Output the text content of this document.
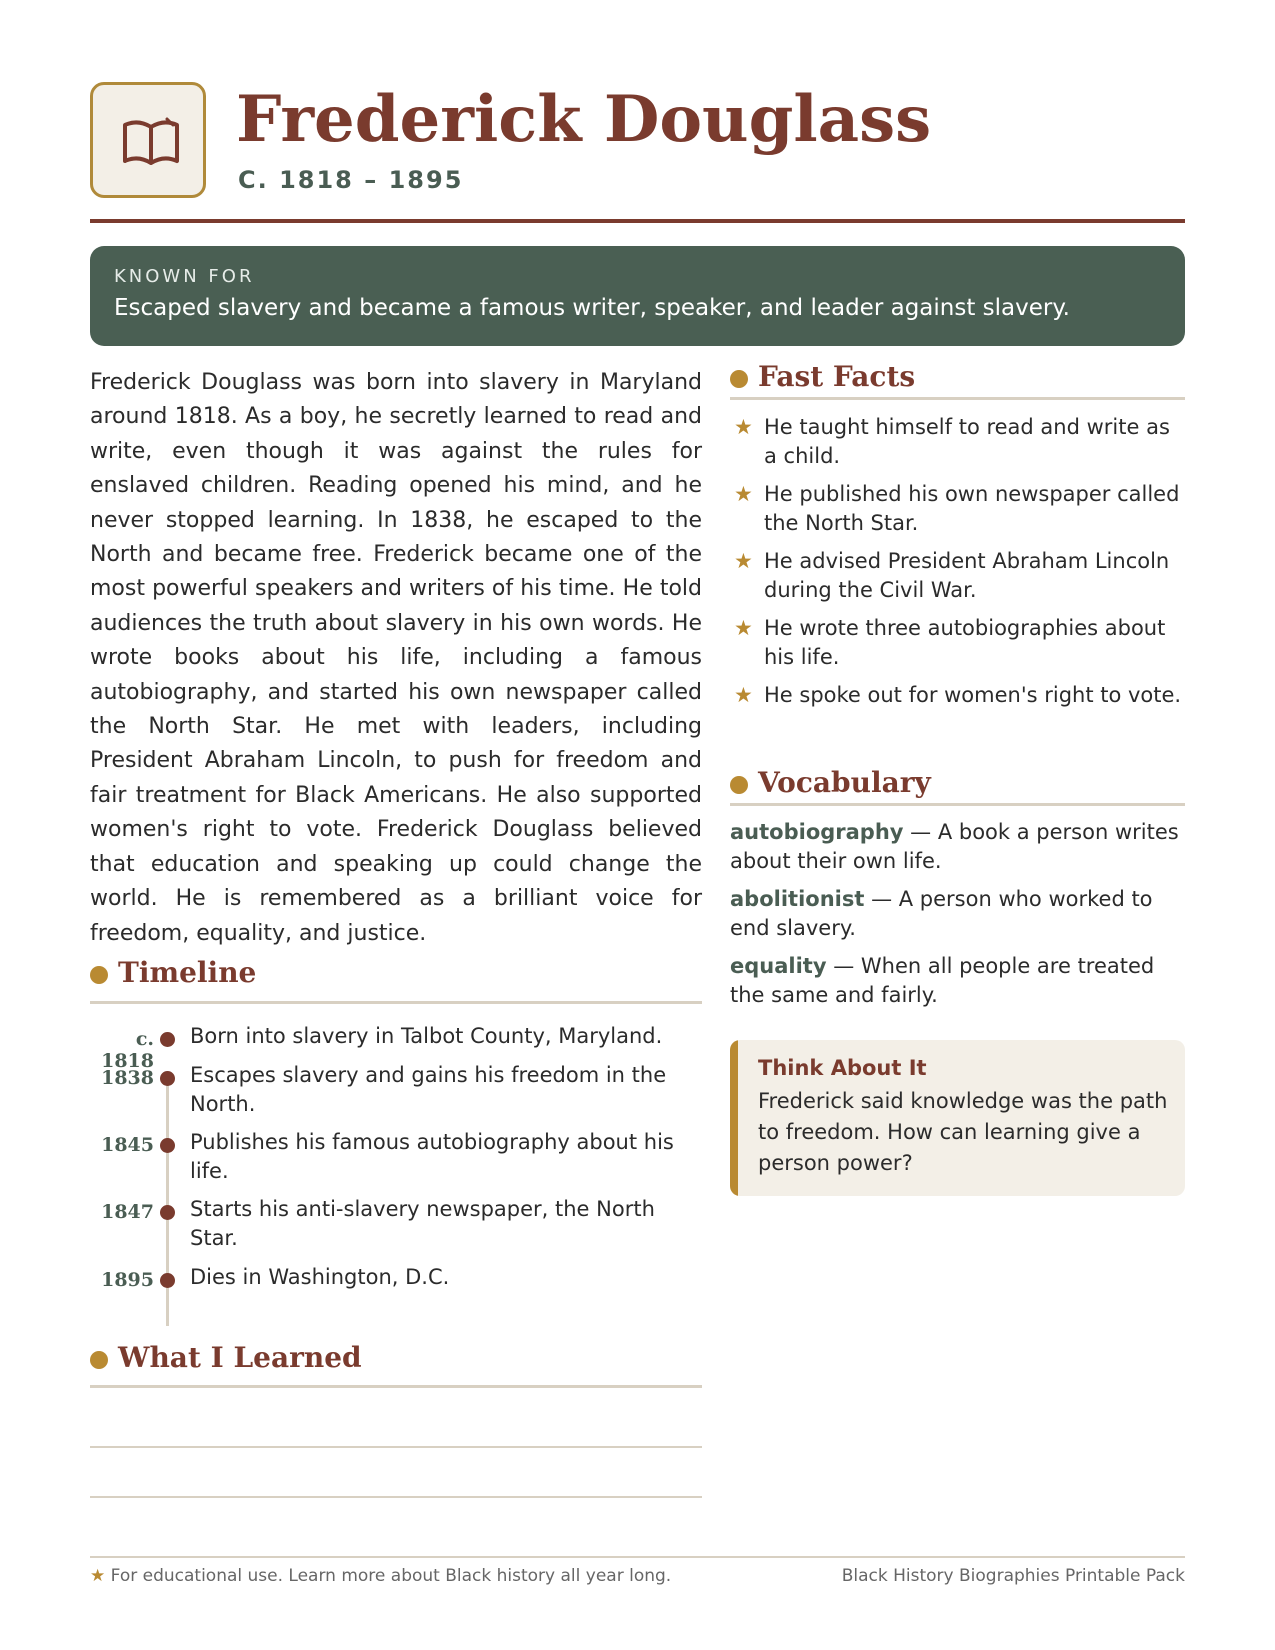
Frederick Douglass
C. 1818 – 1895
KNOWN FOR
Escaped slavery and became a famous writer, speaker, and leader against slavery.

Frederick Douglass was born into slavery in Maryland around 1818. As a boy, he secretly learned to read and write, even though it was against the rules for enslaved children. Reading opened his mind, and he never stopped learning. In 1838, he escaped to the North and became free. Frederick became one of the most powerful speakers and writers of his time. He told audiences the truth about slavery in his own words. He wrote books about his life, including a famous autobiography, and started his own newspaper called the North Star. He met with leaders, including President Abraham Lincoln, to push for freedom and fair treatment for Black Americans. He also supported women's right to vote. Frederick Douglass believed that education and speaking up could change the world. He is remembered as a brilliant voice for freedom, equality, and justice.

Timeline
c. 1818
Born into slavery in Talbot County, Maryland.
1838 Escapes slavery and gains his freedom in the North.
1845 Publishes his famous autobiography about his life.
1847 Starts his anti-slavery newspaper, the North Star.
1895 Dies in Washington, D.C.
What I Learned
Fast Facts
★ He taught himself to read and write as a child.
★ He published his own newspaper called the North Star.
★ He advised President Abraham Lincoln during the Civil War.
★ He wrote three autobiographies about his life.
★ He spoke out for women's right to vote.
Vocabulary
autobiography — A book a person writes about their own life.
abolitionist — A person who worked to end slavery.
equality — When all people are treated the same and fairly.
Think About It
Frederick said knowledge was the path to freedom. How can learning give a person power?
★ For educational use. Learn more about Black history all year long.	Black History Biographies Printable Pack
